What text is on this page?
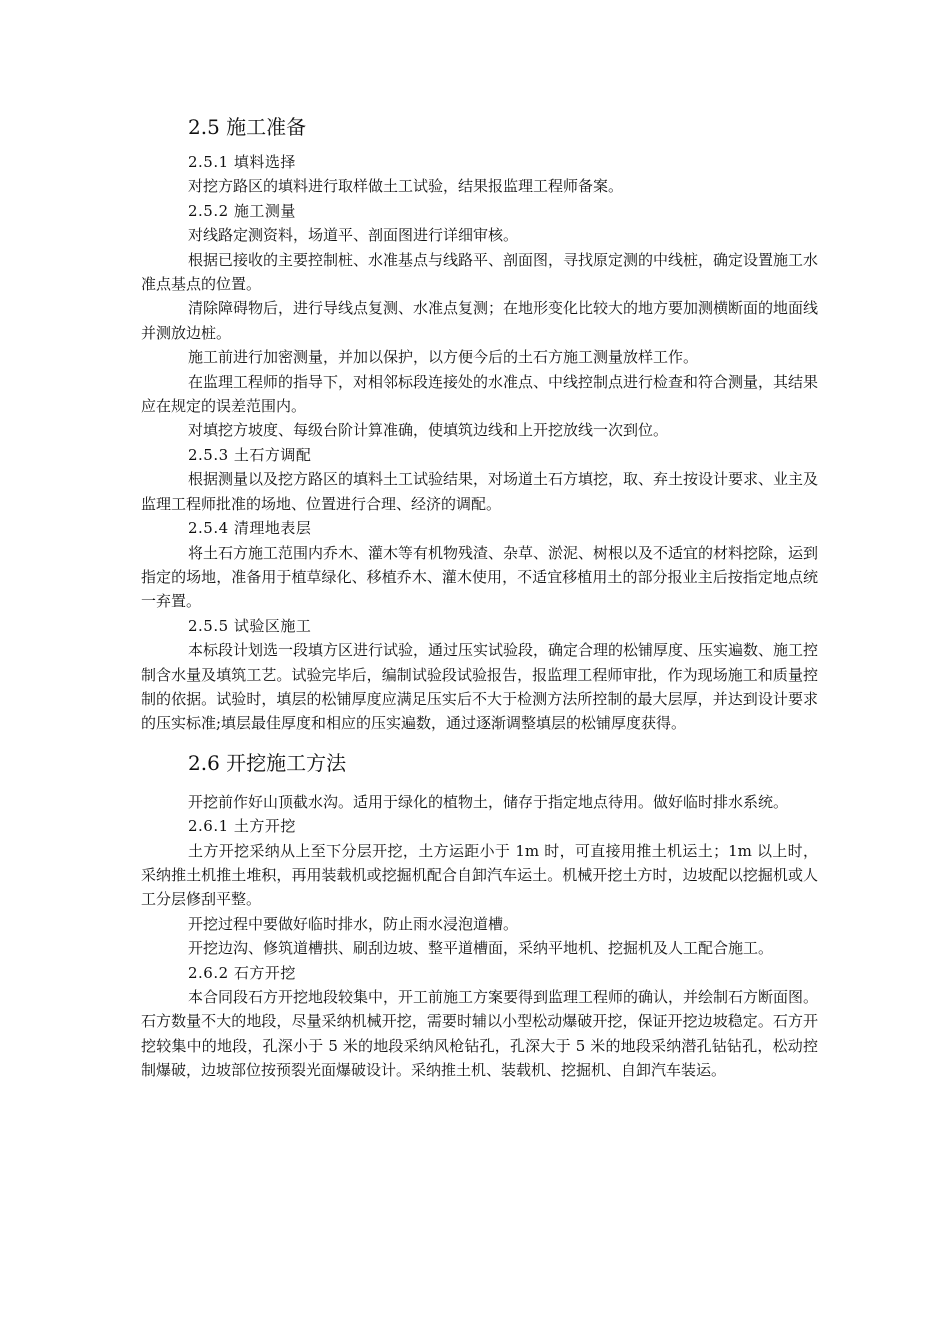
2.5 施工准备
2.5.1 填料选择

对挖方路区的填料进行取样做土工试验，结果报监理工程师备案。

2.5.2 施工测量

对线路定测资料，场道平、剖面图进行详细审核。

根据已接收的主要控制桩、水准基点与线路平、剖面图，寻找原定测的中线桩，确定设置施工水准点基点的位置。

清除障碍物后，进行导线点复测、水准点复测；在地形变化比较大的地方要加测横断面的地面线并测放边桩。

施工前进行加密测量，并加以保护，以方便今后的土石方施工测量放样工作。

在监理工程师的指导下，对相邻标段连接处的水准点、中线控制点进行检查和符合测量，其结果应在规定的误差范围内。

对填挖方坡度、每级台阶计算准确，使填筑边线和上开挖放线一次到位。

2.5.3 土石方调配

根据测量以及挖方路区的填料土工试验结果，对场道土石方填挖，取、弃土按设计要求、业主及监理工程师批准的场地、位置进行合理、经济的调配。

2.5.4 清理地表层

将土石方施工范围内乔木、灌木等有机物残渣、杂草、淤泥、树根以及不适宜的材料挖除，运到指定的场地，准备用于植草绿化、移植乔木、灌木使用，不适宜移植用土的部分报业主后按指定地点统一弃置。

2.5.5 试验区施工

本标段计划选一段填方区进行试验，通过压实试验段，确定合理的松铺厚度、压实遍数、施工控制含水量及填筑工艺。试验完毕后，编制试验段试验报告，报监理工程师审批，作为现场施工和质量控制的依据。试验时，填层的松铺厚度应满足压实后不大于检测方法所控制的最大层厚，并达到设计要求的压实标准;填层最佳厚度和相应的压实遍数，通过逐渐调整填层的松铺厚度获得。

2.6 开挖施工方法

开挖前作好山顶截水沟。适用于绿化的植物土，储存于指定地点待用。做好临时排水系统。

2.6.1 土方开挖

土方开挖采纳从上至下分层开挖，土方运距小于 1m 时，可直接用推土机运土；1m 以上时，采纳推土机推土堆积，再用装载机或挖掘机配合自卸汽车运土。机械开挖土方时，边坡配以挖掘机或人工分层修刮平整。

开挖过程中要做好临时排水，防止雨水浸泡道槽。

开挖边沟、修筑道槽拱、刷刮边坡、整平道槽面，采纳平地机、挖掘机及人工配合施工。

2.6.2 石方开挖

本合同段石方开挖地段较集中，开工前施工方案要得到监理工程师的确认，并绘制石方断面图。石方数量不大的地段，尽量采纳机械开挖，需要时辅以小型松动爆破开挖，保证开挖边坡稳定。石方开挖较集中的地段，孔深小于 5 米的地段采纳风枪钻孔，孔深大于 5 米的地段采纳潜孔钻钻孔，松动控制爆破，边坡部位按预裂光面爆破设计。采纳推土机、装载机、挖掘机、自卸汽车装运。
